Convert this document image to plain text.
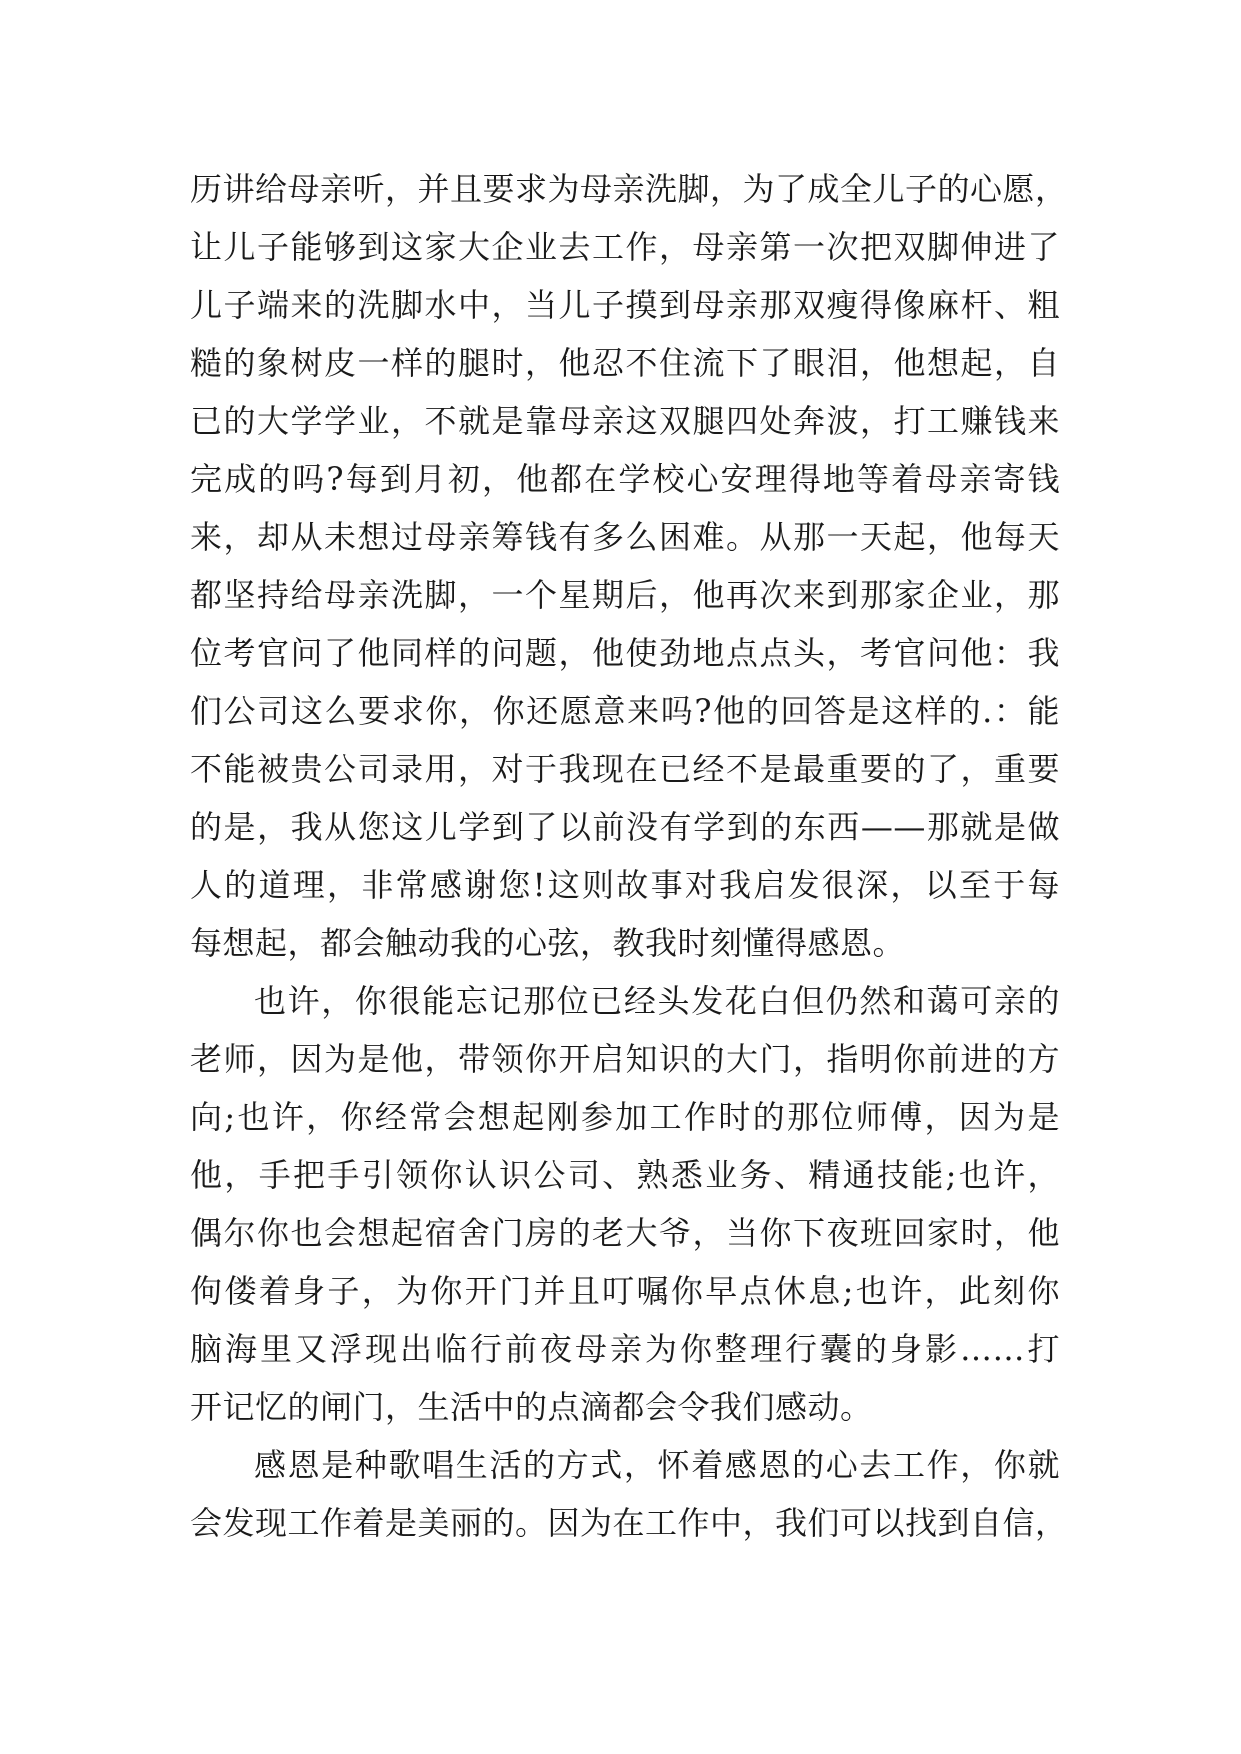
历讲给母亲听，并且要求为母亲洗脚，为了成全儿子的心愿，
让儿子能够到这家大企业去工作，母亲第一次把双脚伸进了
儿子端来的洗脚水中，当儿子摸到母亲那双瘦得像麻杆、粗
糙的象树皮一样的腿时，他忍不住流下了眼泪，他想起，自
已的大学学业，不就是靠母亲这双腿四处奔波，打工赚钱来
完成的吗?每到月初，他都在学校心安理得地等着母亲寄钱
来，却从未想过母亲筹钱有多么困难。从那一天起，他每天
都坚持给母亲洗脚，一个星期后，他再次来到那家企业，那
位考官问了他同样的问题，他使劲地点点头，考官问他：我
们公司这么要求你，你还愿意来吗?他的回答是这样的.：能
不能被贵公司录用，对于我现在已经不是最重要的了，重要
的是，我从您这儿学到了以前没有学到的东西——那就是做
人的道理，非常感谢您!这则故事对我启发很深，以至于每
每想起，都会触动我的心弦，教我时刻懂得感恩。
也许，你很能忘记那位已经头发花白但仍然和蔼可亲的
老师，因为是他，带领你开启知识的大门，指明你前进的方
向;也许，你经常会想起刚参加工作时的那位师傅，因为是
他，手把手引领你认识公司、熟悉业务、精通技能;也许，
偶尔你也会想起宿舍门房的老大爷，当你下夜班回家时，他
佝偻着身子，为你开门并且叮嘱你早点休息;也许，此刻你
脑海里又浮现出临行前夜母亲为你整理行囊的身影……打
开记忆的闸门，生活中的点滴都会令我们感动。
感恩是种歌唱生活的方式，怀着感恩的心去工作，你就
会发现工作着是美丽的。因为在工作中，我们可以找到自信，
